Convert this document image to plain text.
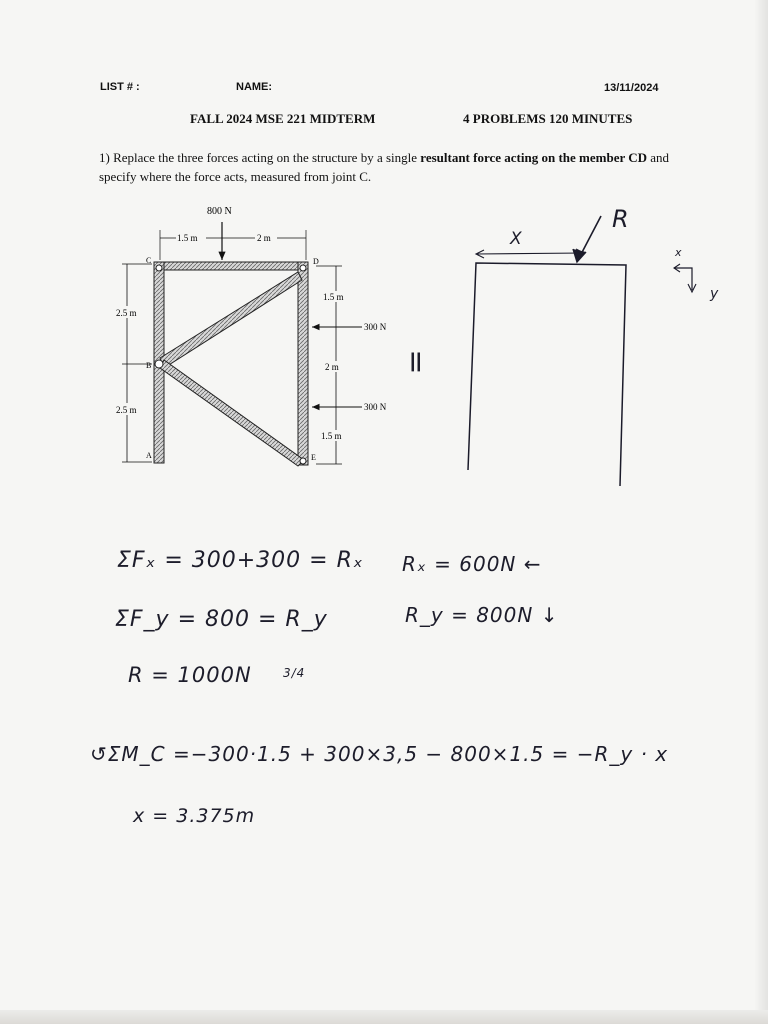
LIST # :	NAME:	13/11/2024
FALL 2024 MSE 221 MIDTERM	4 PROBLEMS 120 MINUTES
1) Replace the three forces acting on the structure by a single resultant force acting on the member CD and specify where the force acts, measured from joint C.
800 N
1.5 m	2 m
C	D
B
A	E
2.5 m
2.5 m
1.5 m
2 m
1.5 m
300 N
300 N
=
X
R
x
y
ΣFₓ = 300+300 = Rₓ Rₓ = 600N ←
ΣF_y = 800 = R_y	R_y = 800N ↓
R = 1000N	3/4
↺ΣM_C =−300·1.5 + 300×3,5 − 800×1.5 = −R_y · x
x = 3.375m
